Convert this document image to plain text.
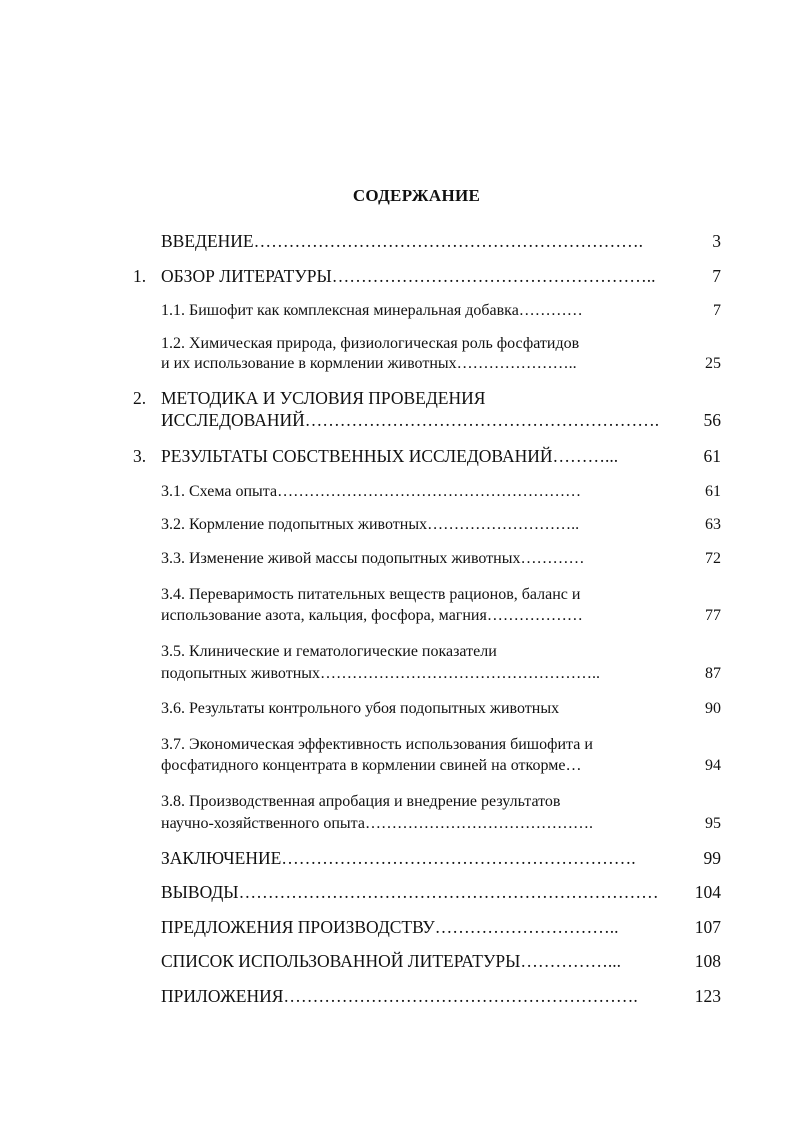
СОДЕРЖАНИЕ
ВВЕДЕНИЕ………………………………………………………….	3
1. ОБЗОР ЛИТЕРАТУРЫ………………………………………………..	7
1.1. Бишофит как комплексная минеральная добавка…………	7
1.2. Химическая природа, физиологическая роль фосфатидов
и их использование в кормлении животных…………………..	25
2. МЕТОДИКА И УСЛОВИЯ ПРОВЕДЕНИЯ
ИССЛЕДОВАНИЙ…………………………………………………….	56
3. РЕЗУЛЬТАТЫ СОБСТВЕННЫХ ИССЛЕДОВАНИЙ………...	61
3.1. Схема опыта…………………………………………………	61
3.2. Кормление подопытных животных………………………..	63
3.3. Изменение живой массы подопытных животных…………	72
3.4. Переваримость питательных веществ рационов, баланс и
использование азота, кальция, фосфора, магния………………	77
3.5. Клинические и гематологические показатели
подопытных животных……………………………………………..	87
3.6. Результаты контрольного убоя подопытных животных	90
3.7. Экономическая эффективность использования бишофита и
фосфатидного концентрата в кормлении свиней на откорме…	94
3.8. Производственная апробация и внедрение результатов
научно-хозяйственного опыта…………………………………….	95
ЗАКЛЮЧЕНИЕ…………………………………………………….	99
ВЫВОДЫ……………………………………………………………… 104
ПРЕДЛОЖЕНИЯ ПРОИЗВОДСТВУ…………………………..	107
СПИСОК ИСПОЛЬЗОВАННОЙ ЛИТЕРАТУРЫ……………...	108
ПРИЛОЖЕНИЯ…………………………………………………….	123
